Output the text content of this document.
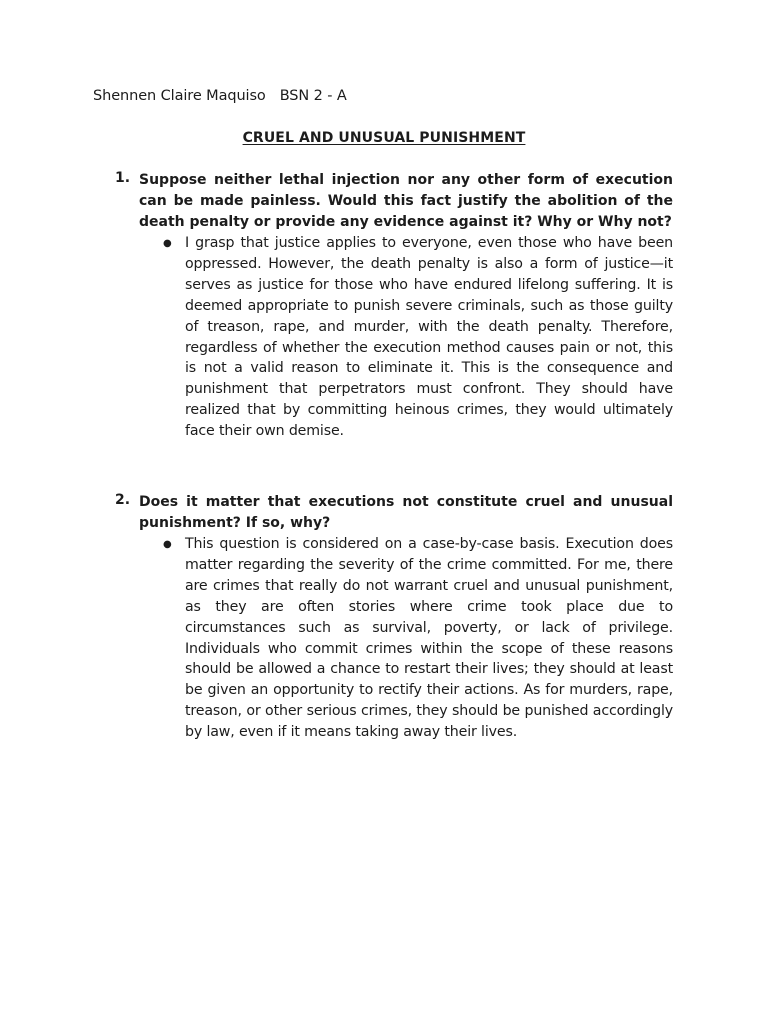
Shennen Claire Maquiso BSN 2 - A
CRUEL AND UNUSUAL PUNISHMENT
1. Suppose neither lethal injection nor any other form of execution can be made painless. Would this fact justify the abolition of the death penalty or provide any evidence against it? Why or Why not?
● I grasp that justice applies to everyone, even those who have been oppressed. However, the death penalty is also a form of justice—it serves as justice for those who have endured lifelong suffering. It is deemed appropriate to punish severe criminals, such as those guilty of treason, rape, and murder, with the death penalty. Therefore, regardless of whether the execution method causes pain or not, this is not a valid reason to eliminate it. This is the consequence and punishment that perpetrators must confront. They should have realized that by committing heinous crimes, they would ultimately face their own demise.
2. Does it matter that executions not constitute cruel and unusual punishment? If so, why?
● This question is considered on a case-by-case basis. Execution does matter regarding the severity of the crime committed. For me, there are crimes that really do not warrant cruel and unusual punishment, as they are often stories where crime took place due to circumstances such as survival, poverty, or lack of privilege. Individuals who commit crimes within the scope of these reasons should be allowed a chance to restart their lives; they should at least be given an opportunity to rectify their actions. As for murders, rape, treason, or other serious crimes, they should be punished accordingly by law, even if it means taking away their lives.
